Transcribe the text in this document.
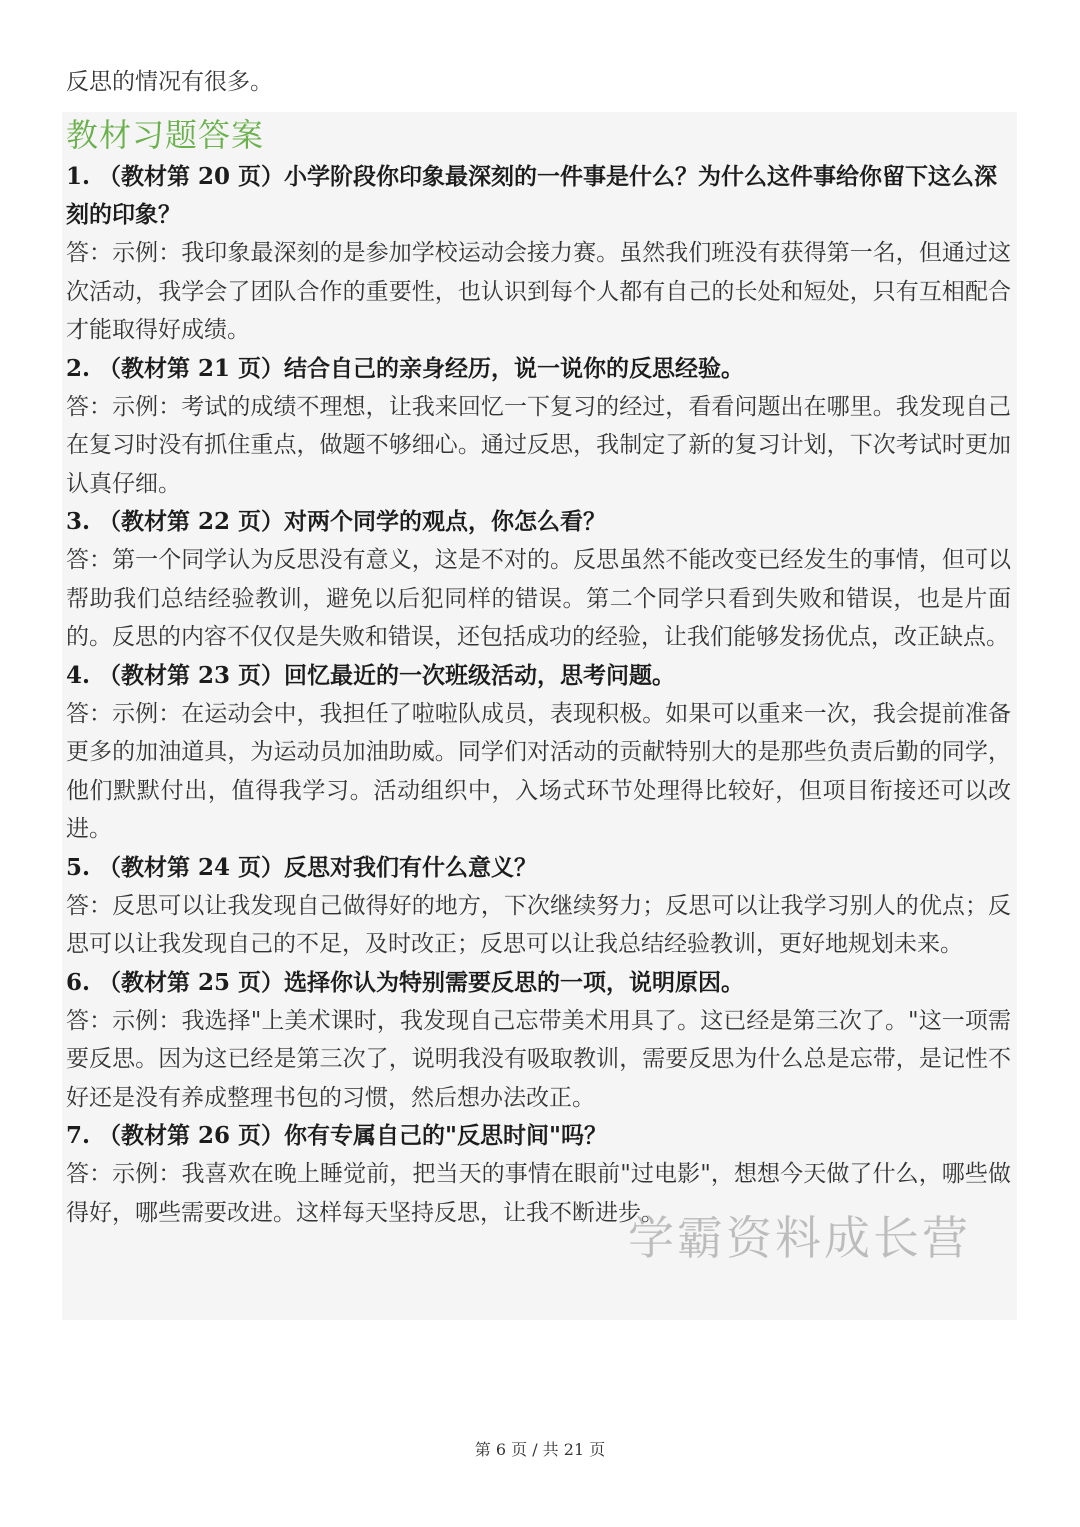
反思的情况有很多。
教材习题答案

1. （教材第 20 页）小学阶段你印象最深刻的一件事是什么？为什么这件事给你留下这么深刻的印象？

答：示例：我印象最深刻的是参加学校运动会接力赛。虽然我们班没有获得第一名，但通过这次活动，我学会了团队合作的重要性，也认识到每个人都有自己的长处和短处，只有互相配合才能取得好成绩。

2. （教材第 21 页）结合自己的亲身经历，说一说你的反思经验。

答：示例：考试的成绩不理想，让我来回忆一下复习的经过，看看问题出在哪里。我发现自己在复习时没有抓住重点，做题不够细心。通过反思，我制定了新的复习计划，下次考试时更加认真仔细。

3. （教材第 22 页）对两个同学的观点，你怎么看？

答：第一个同学认为反思没有意义，这是不对的。反思虽然不能改变已经发生的事情，但可以帮助我们总结经验教训，避免以后犯同样的错误。第二个同学只看到失败和错误，也是片面的。反思的内容不仅仅是失败和错误，还包括成功的经验，让我们能够发扬优点，改正缺点。

4. （教材第 23 页）回忆最近的一次班级活动，思考问题。

答：示例：在运动会中，我担任了啦啦队成员，表现积极。如果可以重来一次，我会提前准备更多的加油道具，为运动员加油助威。同学们对活动的贡献特别大的是那些负责后勤的同学，他们默默付出，值得我学习。活动组织中，入场式环节处理得比较好，但项目衔接还可以改进。

5. （教材第 24 页）反思对我们有什么意义？

答：反思可以让我发现自己做得好的地方，下次继续努力；反思可以让我学习别人的优点；反思可以让我发现自己的不足，及时改正；反思可以让我总结经验教训，更好地规划未来。

6. （教材第 25 页）选择你认为特别需要反思的一项，说明原因。

答：示例：我选择"上美术课时，我发现自己忘带美术用具了。这已经是第三次了。"这一项需要反思。因为这已经是第三次了，说明我没有吸取教训，需要反思为什么总是忘带，是记性不好还是没有养成整理书包的习惯，然后想办法改正。

7. （教材第 26 页）你有专属自己的"反思时间"吗？

答：示例：我喜欢在晚上睡觉前，把当天的事情在眼前"过电影"，想想今天做了什么，哪些做得好，哪些需要改进。这样每天坚持反思，让我不断进步。

学霸资料成长营
第 6 页 / 共 21 页
